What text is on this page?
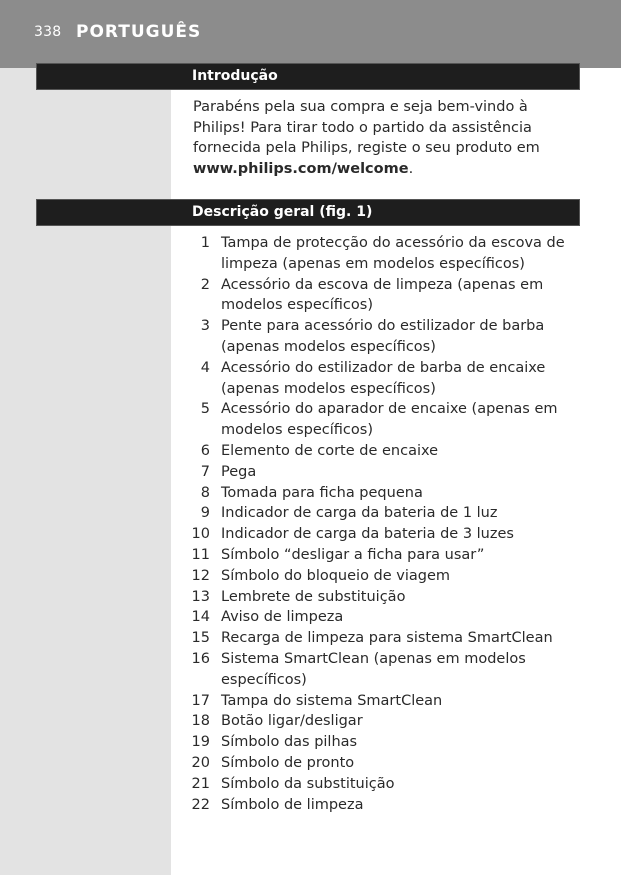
338 PORTUGUÊS
Introdução
Parabéns pela sua compra e seja bem-vindo à Philips! Para tirar todo o partido da assistência fornecida pela Philips, registe o seu produto em www.philips.com/welcome.
Descrição geral (fig. 1)
1 Tampa de protecção do acessório da escova de limpeza (apenas em modelos específicos)
2 Acessório da escova de limpeza (apenas em modelos específicos)
3 Pente para acessório do estilizador de barba (apenas modelos específicos)
4 Acessório do estilizador de barba de encaixe (apenas modelos específicos)
5 Acessório do aparador de encaixe (apenas em modelos específicos)
6 Elemento de corte de encaixe
7 Pega
8 Tomada para ficha pequena
9 Indicador de carga da bateria de 1 luz
10 Indicador de carga da bateria de 3 luzes
11 Símbolo “desligar a ficha para usar”
12 Símbolo do bloqueio de viagem
13 Lembrete de substituição
14 Aviso de limpeza
15 Recarga de limpeza para sistema SmartClean
16 Sistema SmartClean (apenas em modelos específicos)
17 Tampa do sistema SmartClean
18 Botão ligar/desligar
19 Símbolo das pilhas
20 Símbolo de pronto
21 Símbolo da substituição
22 Símbolo de limpeza
